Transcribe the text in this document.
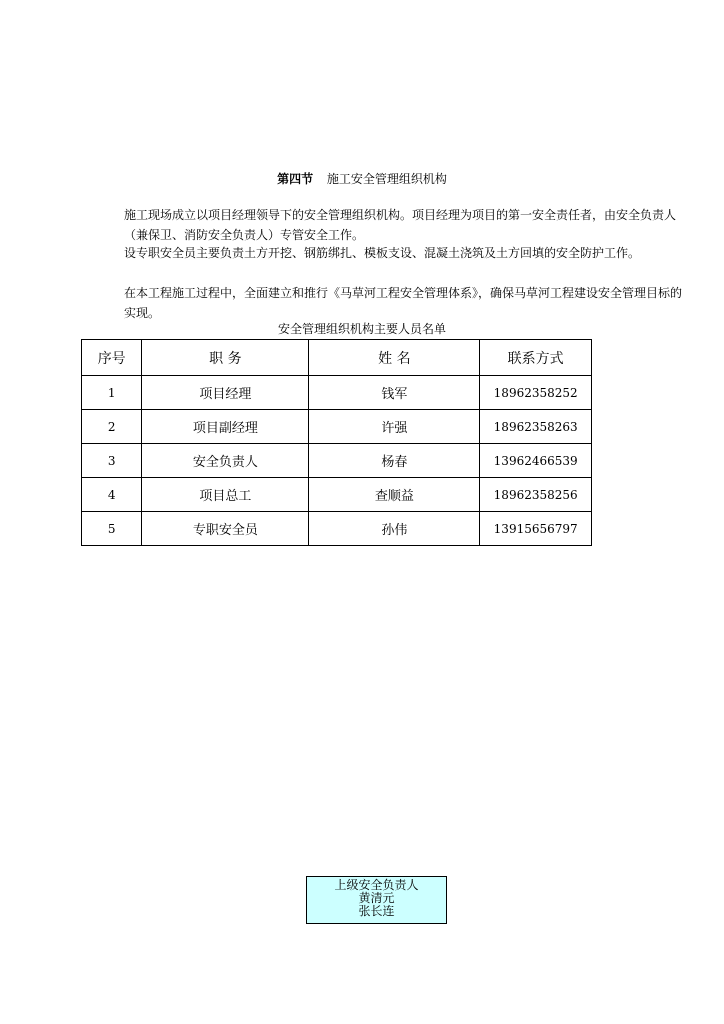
第四节 施工安全管理组织机构
施工现场成立以项目经理领导下的安全管理组织机构。项目经理为项目的第一安全责任者，由安全负责人（兼保卫、消防安全负责人）专管安全工作。
设专职安全员主要负责土方开挖、钢筋绑扎、模板支设、混凝土浇筑及土方回填的安全防护工作。
在本工程施工过程中，全面建立和推行《马草河工程安全管理体系》，确保马草河工程建设安全管理目标的实现。
安全管理组织机构主要人员名单
序号	职 务	姓 名	联系方式
1	项目经理	钱军	18962358252
2	项目副经理	许强	18962358263
3	安全负责人	杨春	13962466539
4	项目总工	查顺益	18962358256
5	专职安全员	孙伟	13915656797
上级安全负责人
黄清元
张长连
